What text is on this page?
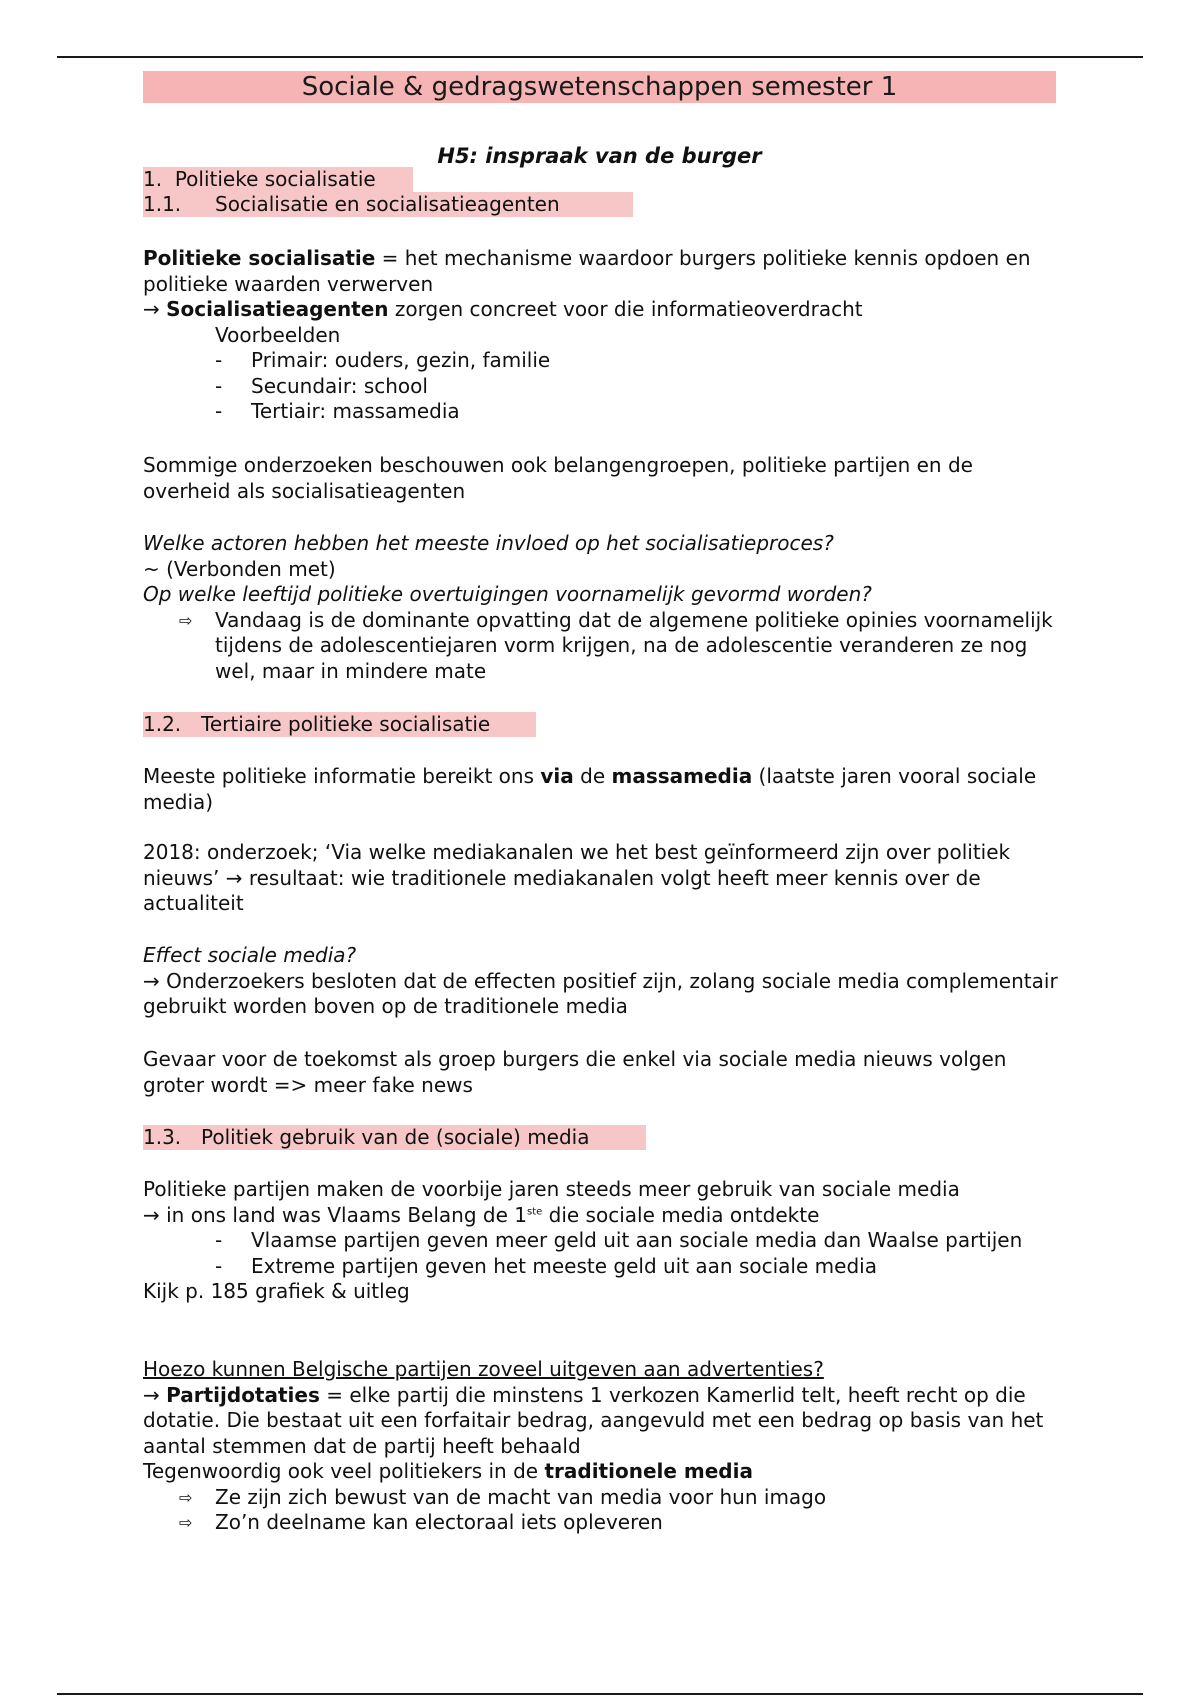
Sociale & gedragswetenschappen semester 1
H5: inspraak van de burger
1. Politieke socialisatie
1.1. Socialisatie en socialisatieagenten
Politieke socialisatie = het mechanisme waardoor burgers politieke kennis opdoen en politieke waarden verwerven
→ Socialisatieagenten zorgen concreet voor die informatieoverdracht
Voorbeelden
-	Primair: ouders, gezin, familie
-	Secundair: school
-	Tertiair: massamedia
Sommige onderzoeken beschouwen ook belangengroepen, politieke partijen en de overheid als socialisatieagenten
Welke actoren hebben het meeste invloed op het socialisatieproces?
~ (Verbonden met)
Op welke leeftijd politieke overtuigingen voornamelijk gevormd worden?
⇨ Vandaag is de dominante opvatting dat de algemene politieke opinies voornamelijk tijdens de adolescentiejaren vorm krijgen, na de adolescentie veranderen ze nog wel, maar in mindere mate
1.2. Tertiaire politieke socialisatie
Meeste politieke informatie bereikt ons via de massamedia (laatste jaren vooral sociale media)
2018: onderzoek; ‘Via welke mediakanalen we het best geïnformeerd zijn over politiek nieuws’ → resultaat: wie traditionele mediakanalen volgt heeft meer kennis over de actualiteit
Effect sociale media?
→ Onderzoekers besloten dat de effecten positief zijn, zolang sociale media complementair gebruikt worden boven op de traditionele media
Gevaar voor de toekomst als groep burgers die enkel via sociale media nieuws volgen groter wordt => meer fake news
1.3. Politiek gebruik van de (sociale) media
Politieke partijen maken de voorbije jaren steeds meer gebruik van sociale media
→ in ons land was Vlaams Belang de 1ste die sociale media ontdekte
-	Vlaamse partijen geven meer geld uit aan sociale media dan Waalse partijen
-	Extreme partijen geven het meeste geld uit aan sociale media
Kijk p. 185 grafiek & uitleg
Hoezo kunnen Belgische partijen zoveel uitgeven aan advertenties?
→ Partijdotaties = elke partij die minstens 1 verkozen Kamerlid telt, heeft recht op die dotatie. Die bestaat uit een forfaitair bedrag, aangevuld met een bedrag op basis van het aantal stemmen dat de partij heeft behaald
Tegenwoordig ook veel politiekers in de traditionele media
⇨ Ze zijn zich bewust van de macht van media voor hun imago
⇨ Zo’n deelname kan electoraal iets opleveren
